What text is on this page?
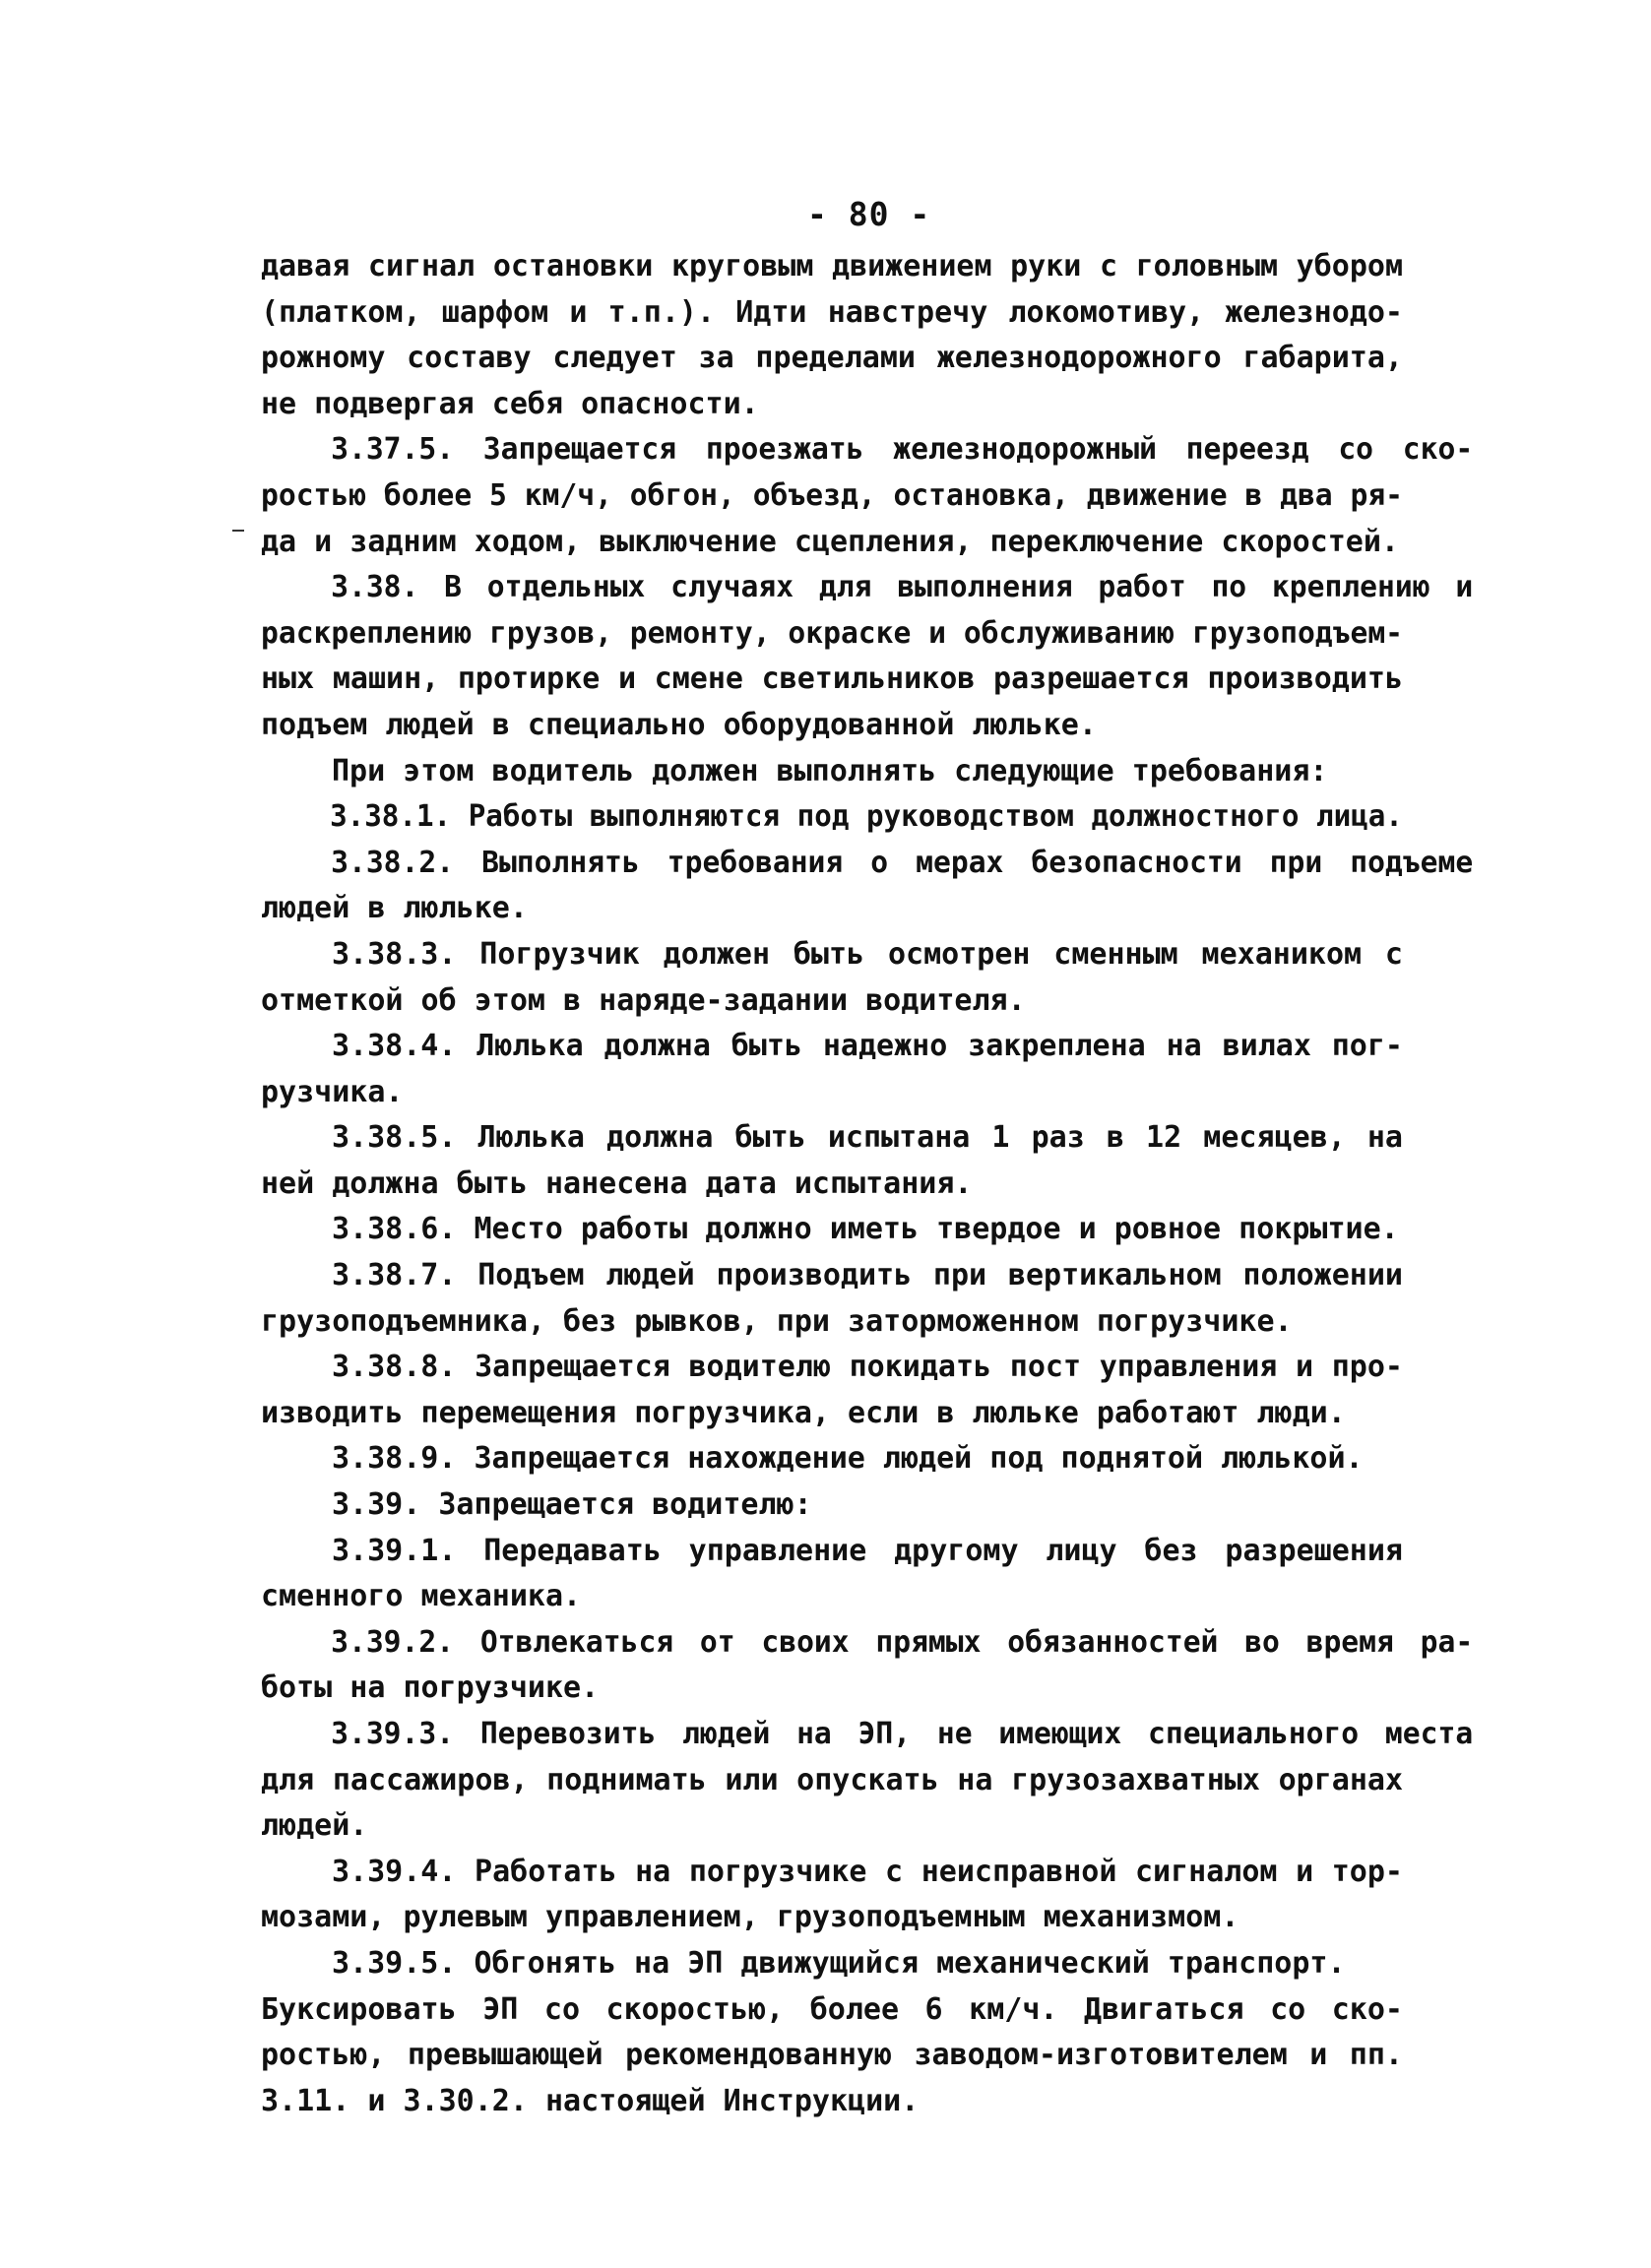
- 80 -
давая сигнал остановки круговым движением руки с головным убором
(платком, шарфом и т.п.). Идти навстречу локомотиву, железнодо-
рожному составу следует за пределами железнодорожного габарита,
не подвергая себя опасности.
3.37.5. Запрещается проезжать железнодорожный переезд со ско-
ростью более 5 км/ч, обгон, объезд, остановка, движение в два ря-
да и задним ходом, выключение сцепления, переключение скоростей.
3.38. В отдельных случаях для выполнения работ по креплению и
раскреплению грузов, ремонту, окраске и обслуживанию грузоподъем-
ных машин, протирке и смене светильников разрешается производить
подъем людей в специально оборудованной люльке.
При этом водитель должен выполнять следующие требования:
3.38.1. Работы выполняются под руководством должностного лица.
3.38.2. Выполнять требования о мерах безопасности при подъеме
людей в люльке.
3.38.3. Погрузчик должен быть осмотрен сменным механиком с
отметкой об этом в наряде-задании водителя.
3.38.4. Люлька должна быть надежно закреплена на вилах пог-
рузчика.
3.38.5. Люлька должна быть испытана 1 раз в 12 месяцев, на
ней должна быть нанесена дата испытания.
3.38.6. Место работы должно иметь твердое и ровное покрытие.
3.38.7. Подъем людей производить при вертикальном положении
грузоподъемника, без рывков, при заторможенном погрузчике.
3.38.8. Запрещается водителю покидать пост управления и про-
изводить перемещения погрузчика, если в люльке работают люди.
3.38.9. Запрещается нахождение людей под поднятой люлькой.
3.39. Запрещается водителю:
3.39.1. Передавать управление другому лицу без разрешения
сменного механика.
3.39.2. Отвлекаться от своих прямых обязанностей во время ра-
боты на погрузчике.
3.39.3. Перевозить людей на ЭП, не имеющих специального места
для пассажиров, поднимать или опускать на грузозахватных органах
людей.
3.39.4. Работать на погрузчике с неисправной сигналом и тор-
мозами, рулевым управлением, грузоподъемным механизмом.
3.39.5. Обгонять на ЭП движущийся механический транспорт.
Буксировать ЭП со скоростью, более 6 км/ч. Двигаться со ско-
ростью, превышающей рекомендованную заводом-изготовителем и пп.
3.11. и 3.30.2. настоящей Инструкции.
